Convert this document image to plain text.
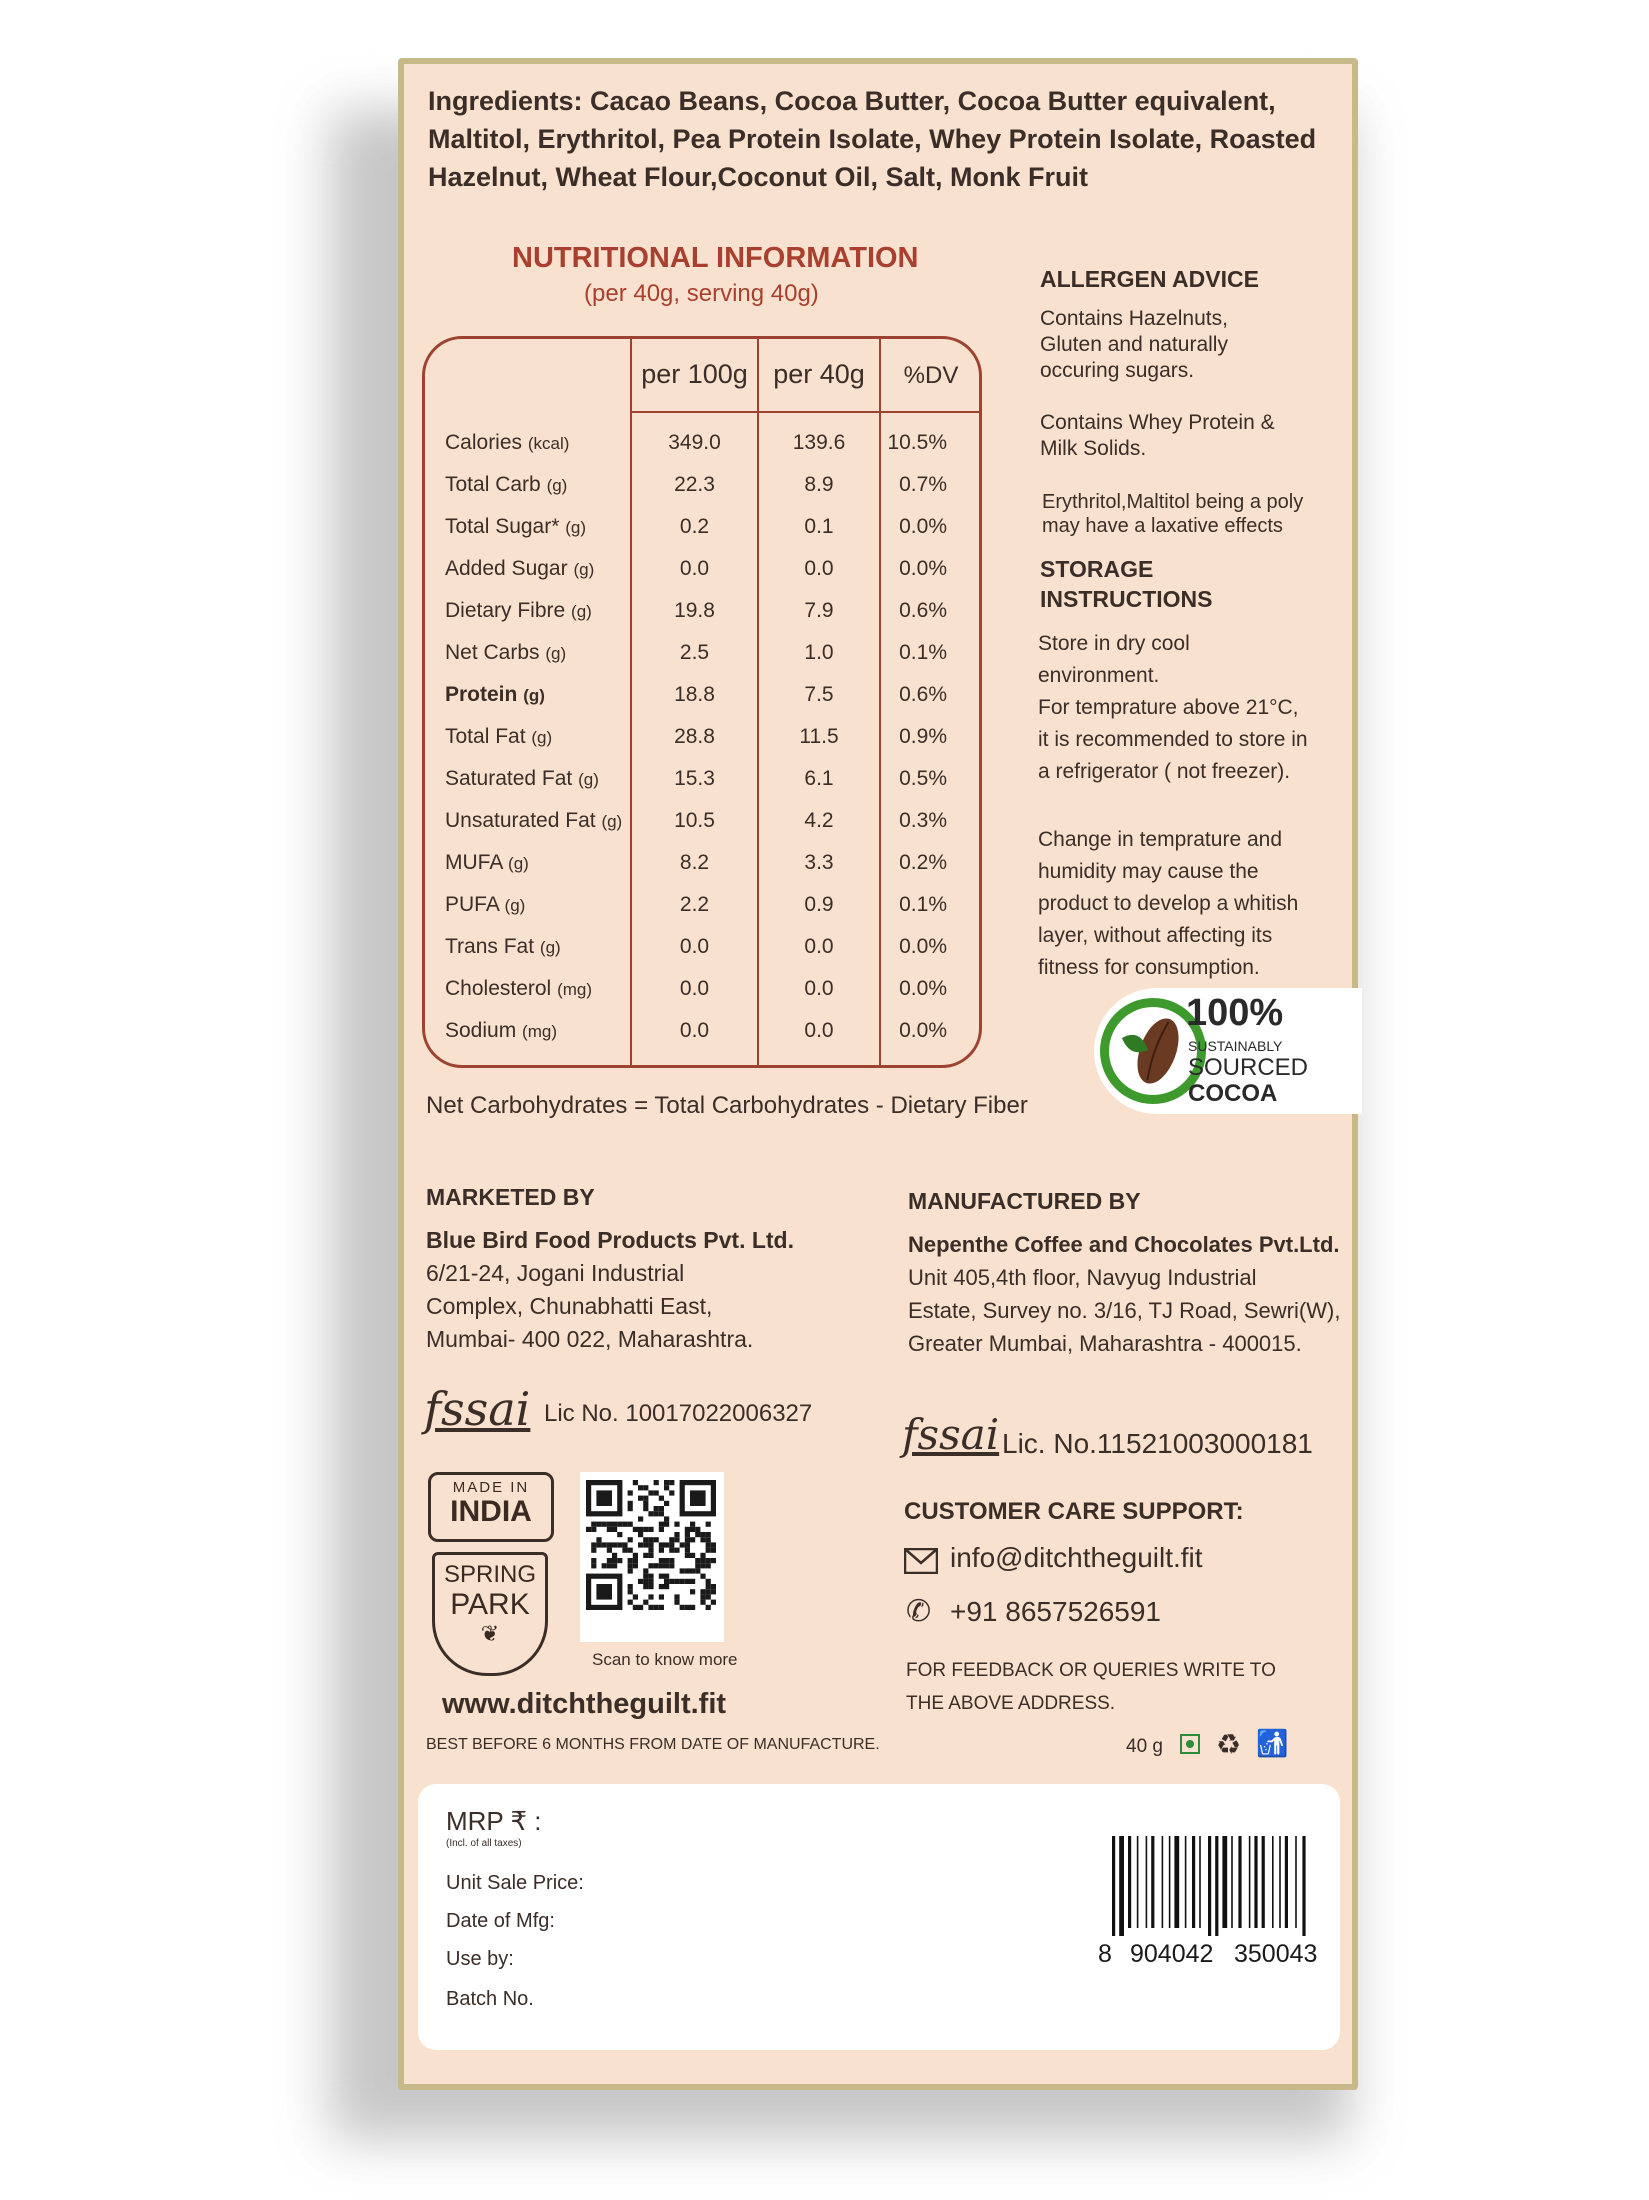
Ingredients: Cacao Beans, Cocoa Butter, Cocoa Butter equivalent, Maltitol, Erythritol, Pea Protein Isolate, Whey Protein Isolate, Roasted Hazelnut, Wheat Flour,Coconut Oil, Salt, Monk Fruit
NUTRITIONAL INFORMATION
(per 40g, serving 40g)
per 100g per 40g	%DV
Calories (kcal)	349.0	139.6	10.5%
Total Carb (g)	22.3	8.9	0.7%
Total Sugar* (g)	0.2	0.1	0.0%
Added Sugar (g)	0.0	0.0	0.0%
Dietary Fibre (g)	19.8	7.9	0.6%
Net Carbs (g)	2.5	1.0	0.1%
Protein (g)	18.8	7.5	0.6%
Total Fat (g)	28.8	11.5	0.9%
Saturated Fat (g)	15.3	6.1	0.5%
Unsaturated Fat (g)	10.5	4.2	0.3%
MUFA (g)	8.2	3.3	0.2%
PUFA (g)	2.2	0.9	0.1%
Trans Fat (g)	0.0	0.0	0.0%
Cholesterol (mg)	0.0	0.0	0.0%
Sodium (mg)	0.0	0.0	0.0%
Net Carbohydrates = Total Carbohydrates - Dietary Fiber
ALLERGEN ADVICE
Contains Hazelnuts,
Gluten and naturally
occuring sugars.
Contains Whey Protein &
Milk Solids.
Erythritol,Maltitol being a poly
may have a laxative effects
STORAGE
INSTRUCTIONS
Store in dry cool
environment.
For temprature above 21°C,
it is recommended to store in
a refrigerator ( not freezer).
Change in temprature and
humidity may cause the
product to develop a whitish
layer, without affecting its
fitness for consumption.
100%
SUSTAINABLY
SOURCED
COCOA
MARKETED BY
Blue Bird Food Products Pvt. Ltd.
6/21-24, Jogani Industrial
Complex, Chunabhatti East,
Mumbai- 400 022, Maharashtra.
fssai Lic No. 10017022006327
MADE IN
INDIA
SPRING
PARK
❦
Scan to know more
www.ditchtheguilt.fit
BEST BEFORE 6 MONTHS FROM DATE OF MANUFACTURE.
MANUFACTURED BY
Nepenthe Coffee and Chocolates Pvt.Ltd.
Unit 405,4th floor, Navyug Industrial
Estate, Survey no. 3/16, TJ Road, Sewri(W),
Greater Mumbai, Maharashtra - 400015.
fssai Lic. No.11521003000181
CUSTOMER CARE SUPPORT:
info@ditchtheguilt.fit
✆ +91 8657526591
FOR FEEDBACK OR QUERIES WRITE TO
THE ABOVE ADDRESS.
40 g ♻ 🚮
MRP ₹ :
(Incl. of all taxes)
Unit Sale Price:
Date of Mfg:
Use by:
Batch No.
8 904042 350043
